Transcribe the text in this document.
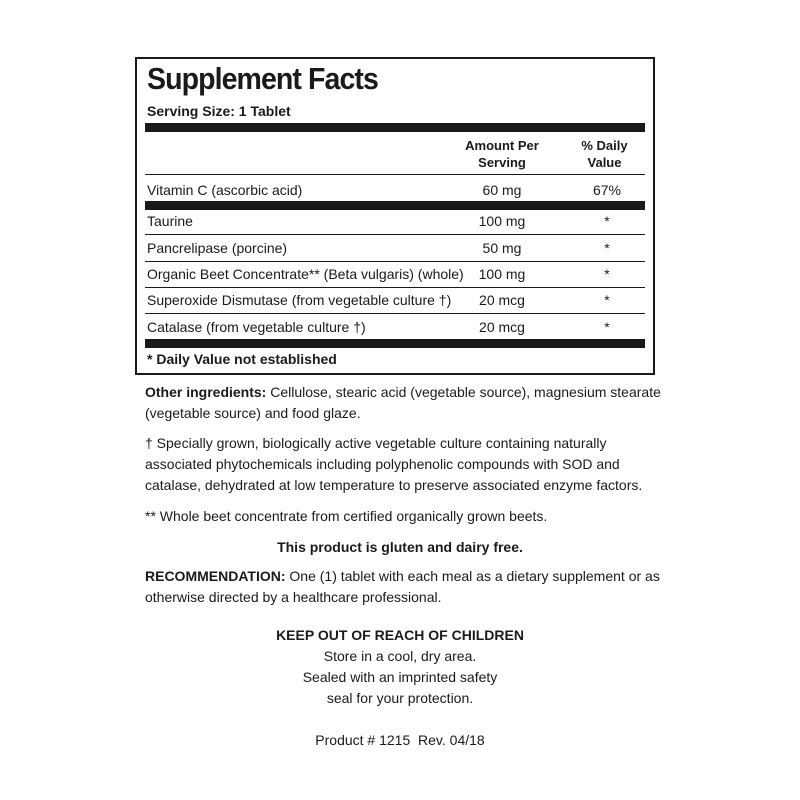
Supplement Facts
Serving Size: 1 Tablet
Amount Per
Serving
% Daily
Value
Vitamin C (ascorbic acid)	60 mg	67%
Taurine	100 mg	*
Pancrelipase (porcine)	50 mg	*
Organic Beet Concentrate** (Beta vulgaris) (whole)	100 mg	*
Superoxide Dismutase (from vegetable culture †)	20 mcg	*
Catalase (from vegetable culture †)	20 mcg	*
* Daily Value not established
Other ingredients: Cellulose, stearic acid (vegetable source), magnesium stearate (vegetable source) and food glaze.
† Specially grown, biologically active vegetable culture containing naturally associated phytochemicals including polyphenolic compounds with SOD and catalase, dehydrated at low temperature to preserve associated enzyme factors.
** Whole beet concentrate from certified organically grown beets.
This product is gluten and dairy free.
RECOMMENDATION: One (1) tablet with each meal as a dietary supplement or as otherwise directed by a healthcare professional.
KEEP OUT OF REACH OF CHILDREN
Store in a cool, dry area.
Sealed with an imprinted safety
seal for your protection.
Product # 1215  Rev. 04/18
